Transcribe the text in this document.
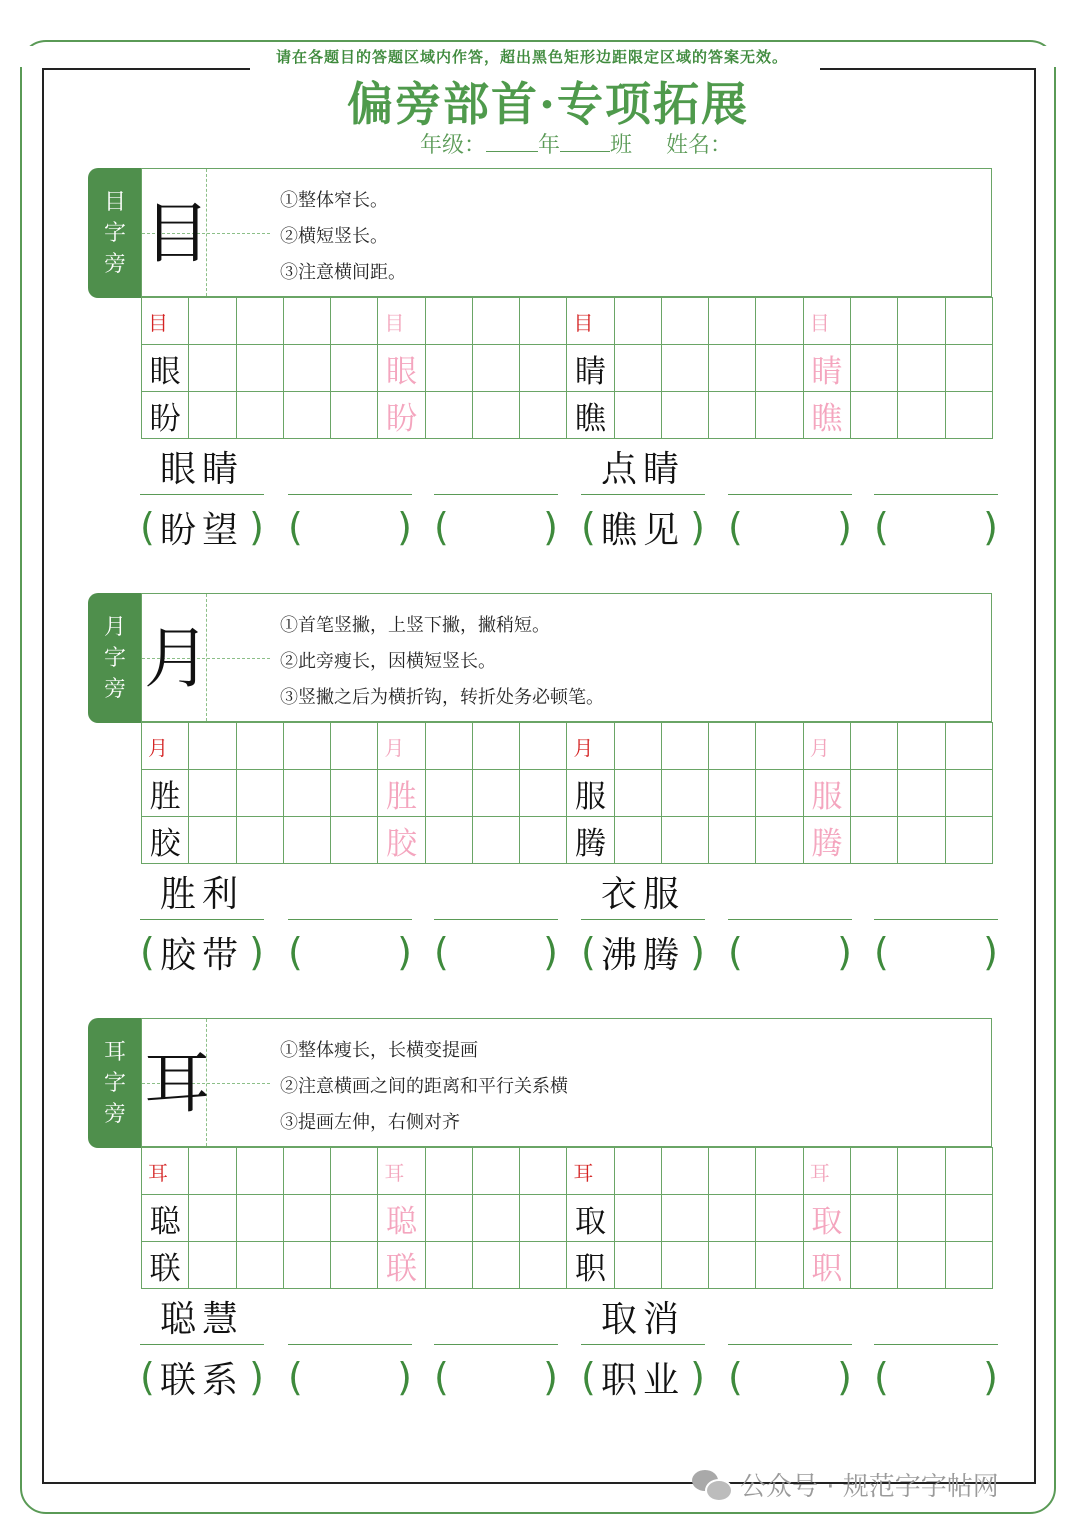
请在各题目的答题区域内作答，超出黑色矩形边距限定区域的答案无效。
偏旁部首·专项拓展
年级： 年 班 姓名：
目
字
旁 目	①整体窄长。
②横短竖长。
③注意横间距。
目	目	目	目
眼	眼	睛	睛
盼	盼	瞧	瞧
眼睛
( 盼望 ) ( ) ( )
点睛
( 瞧见 ) ( ) ( )
月
字
旁 月	①首笔竖撇，上竖下撇，撇稍短。
②此旁瘦长，因横短竖长。
③竖撇之后为横折钩，转折处务必顿笔。
月	月	月	月
胜	胜	服	服
胶	胶	腾	腾
胜利
( 胶带 ) ( ) ( )
衣服
( 沸腾 ) ( ) ( )
耳
字
旁 耳	①整体瘦长，长横变提画
②注意横画之间的距离和平行关系横
③提画左伸，右侧对齐
耳	耳	耳	耳
聪	聪	取	取
联	联	职	职
聪慧
( 联系 ) ( ) ( )
取消
( 职业 ) ( ) ( )
公众号 · 规范字字帖网
